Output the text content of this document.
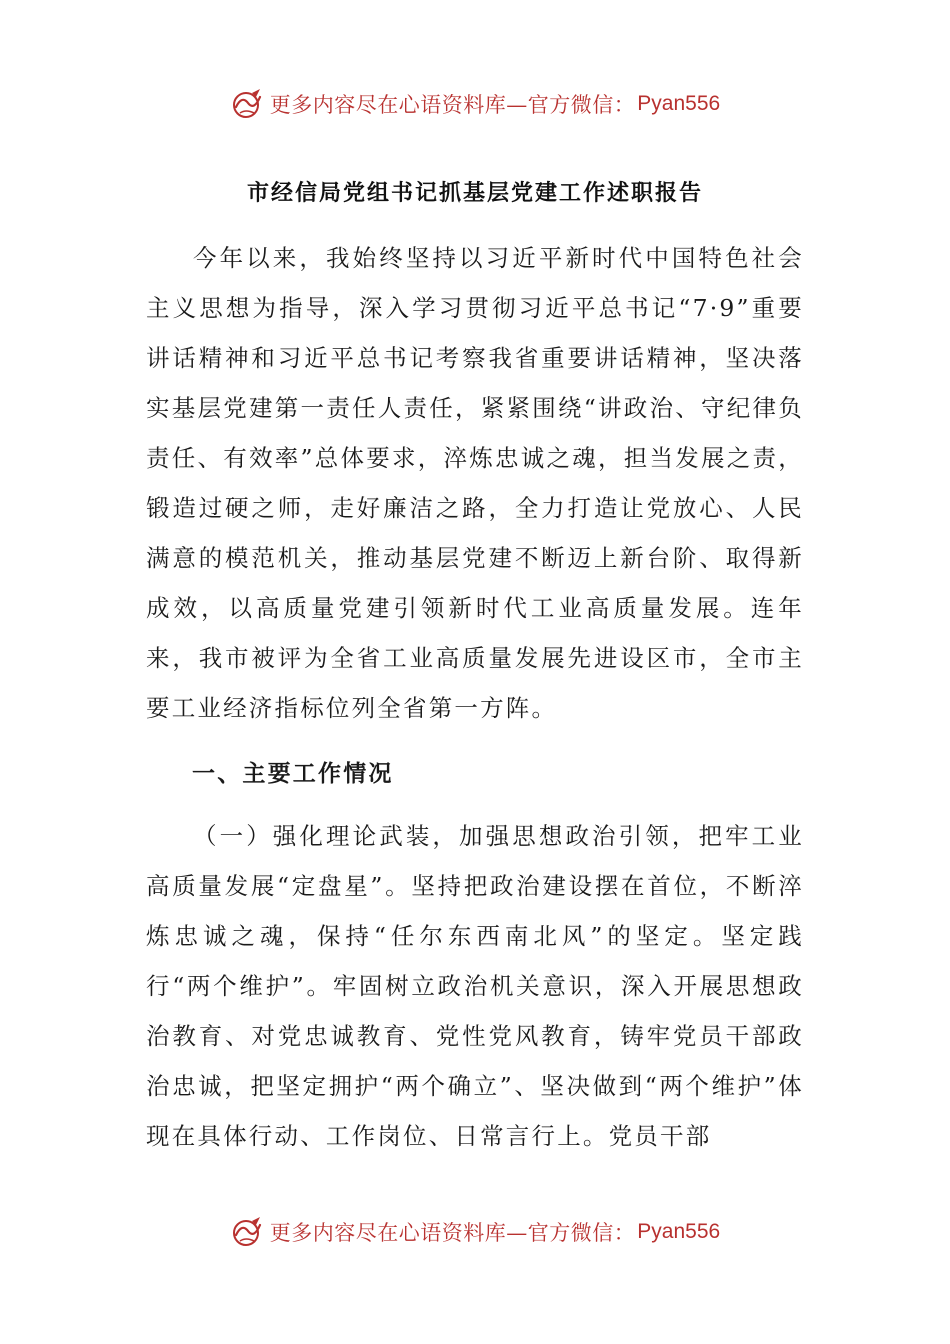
更多内容尽在心语资料库—官方微信： Pyan556
市经信局党组书记抓基层党建工作述职报告

今年以来，我始终坚持以习近平新时代中国特色社会主义思想为指导，深入学习贯彻习近平总书记“7·9”重要讲话精神和习近平总书记考察我省重要讲话精神，坚决落实基层党建第一责任人责任，紧紧围绕“讲政治、守纪律负责任、有效率”总体要求，淬炼忠诚之魂，担当发展之责，锻造过硬之师，走好廉洁之路，全力打造让党放心、人民满意的模范机关，推动基层党建不断迈上新台阶、取得新成效，以高质量党建引领新时代工业高质量发展。连年来，我市被评为全省工业高质量发展先进设区市，全市主要工业经济指标位列全省第一方阵。

一、主要工作情况

（一）强化理论武装，加强思想政治引领，把牢工业高质量发展“定盘星”。坚持把政治建设摆在首位，不断淬炼忠诚之魂，保持“任尔东西南北风”的坚定。坚定践行“两个维护”。牢固树立政治机关意识，深入开展思想政治教育、对党忠诚教育、党性党风教育，铸牢党员干部政治忠诚，把坚定拥护“两个确立”、坚决做到“两个维护”体现在具体行动、工作岗位、日常言行上。党员干部

更多内容尽在心语资料库—官方微信： Pyan556
